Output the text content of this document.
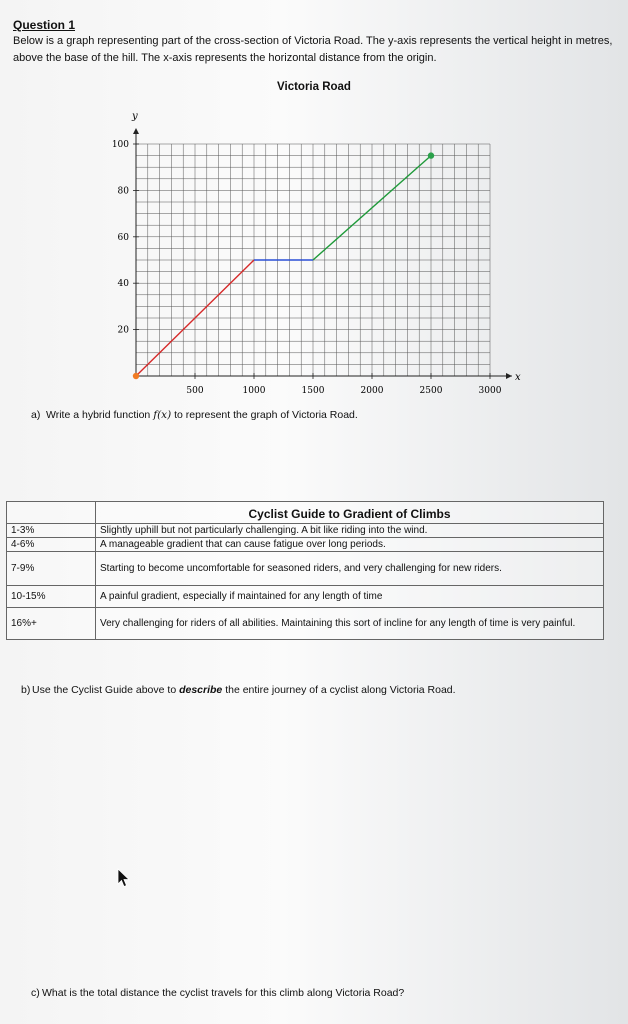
Question 1
Below is a graph representing part of the cross-section of Victoria Road. The y-axis represents the vertical height in metres, above the base of the hill. The x-axis represents the horizontal distance from the origin.
Victoria Road
x
y
500	1000	1500	2000	2500	3000
20
40
60
80
100
a) Write a hybrid function f(x) to represent the graph of Victoria Road.
	Cyclist Guide to Gradient of Climbs
1-3%	Slightly uphill but not particularly challenging. A bit like riding into the wind.
4-6%	A manageable gradient that can cause fatigue over long periods.
7-9%	Starting to become uncomfortable for seasoned riders, and very challenging for new riders.
10-15%	A painful gradient, especially if maintained for any length of time
16%+	Very challenging for riders of all abilities. Maintaining this sort of incline for any length of time is very painful.
b) Use the Cyclist Guide above to describe the entire journey of a cyclist along Victoria Road.
c) What is the total distance the cyclist travels for this climb along Victoria Road?
